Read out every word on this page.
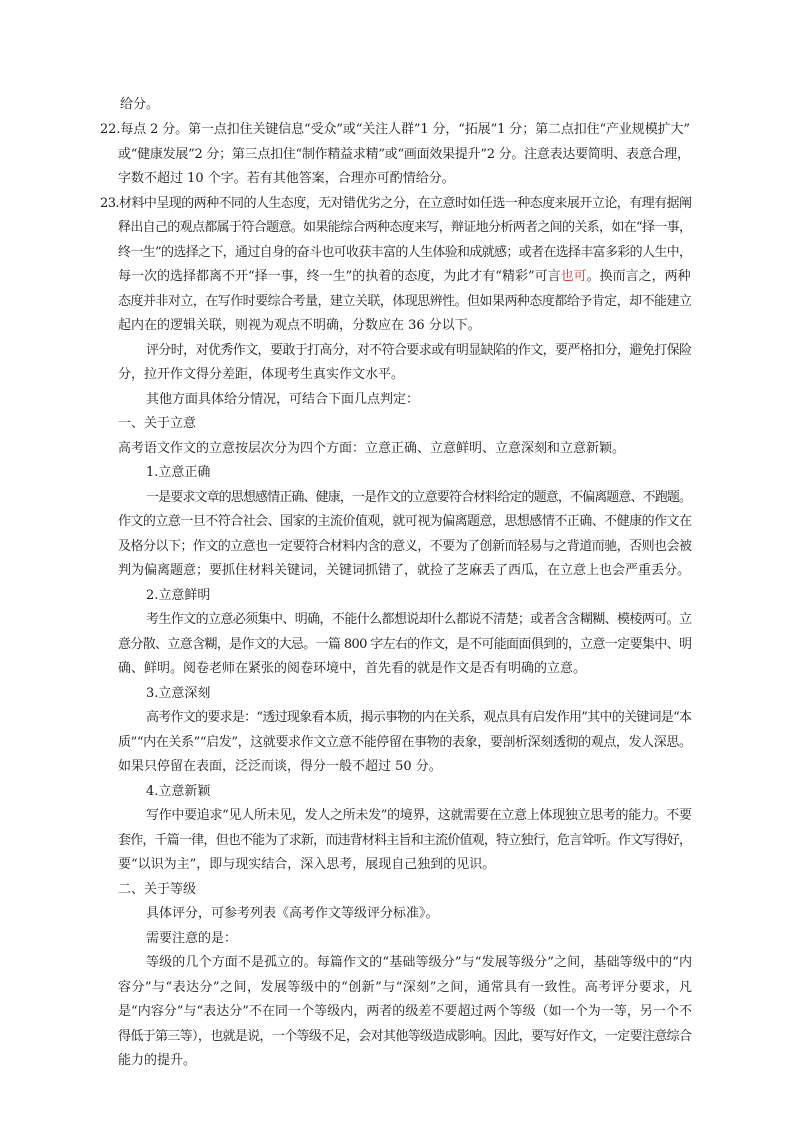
给分。
22.每点 2 分。第一点扣住关键信息“受众”或“关注人群”1 分，“拓展”1 分；第二点扣住“产业规模扩大”
或“健康发展”2 分；第三点扣住“制作精益求精”或“画面效果提升”2 分。注意表达要简明、表意合理，
字数不超过 10 个字。若有其他答案，合理亦可酌情给分。
23.材料中呈现的两种不同的人生态度，无对错优劣之分，在立意时如任选一种态度来展开立论，有理有据阐
释出自己的观点都属于符合题意。如果能综合两种态度来写，辩证地分析两者之间的关系，如在“择一事，
终一生”的选择之下，通过自身的奋斗也可收获丰富的人生体验和成就感；或者在选择丰富多彩的人生中，
每一次的选择都离不开“择一事，终一生”的执着的态度，为此才有“精彩”可言也可。换而言之，两种
态度并非对立，在写作时要综合考量，建立关联，体现思辨性。但如果两种态度都给予肯定，却不能建立
起内在的逻辑关联，则视为观点不明确，分数应在 36 分以下。
评分时，对优秀作文，要敢于打高分，对不符合要求或有明显缺陷的作文，要严格扣分，避免打保险
分，拉开作文得分差距，体现考生真实作文水平。
其他方面具体给分情况，可结合下面几点判定：
一、关于立意
高考语文作文的立意按层次分为四个方面：立意正确、立意鲜明、立意深刻和立意新颖。
1.立意正确
一是要求文章的思想感情正确、健康，一是作文的立意要符合材料给定的题意，不偏离题意、不跑题。
作文的立意一旦不符合社会、国家的主流价值观，就可视为偏离题意，思想感情不正确、不健康的作文在
及格分以下；作文的立意也一定要符合材料内含的意义，不要为了创新而轻易与之背道而驰，否则也会被
判为偏离题意；要抓住材料关键词，关键词抓错了，就捡了芝麻丢了西瓜，在立意上也会严重丢分。
2.立意鲜明
考生作文的立意必须集中、明确，不能什么都想说却什么都说不清楚；或者含含糊糊、模棱两可。立
意分散、立意含糊，是作文的大忌。一篇 800 字左右的作文，是不可能面面俱到的，立意一定要集中、明
确、鲜明。阅卷老师在紧张的阅卷环境中，首先看的就是作文是否有明确的立意。
3.立意深刻
高考作文的要求是：“透过现象看本质，揭示事物的内在关系，观点具有启发作用”其中的关键词是“本
质”“内在关系”“启发”，这就要求作文立意不能停留在事物的表象，要剖析深刻透彻的观点，发人深思。
如果只停留在表面，泛泛而谈，得分一般不超过 50 分。
4.立意新颖
写作中要追求“见人所未见，发人之所未发”的境界，这就需要在立意上体现独立思考的能力。不要
套作，千篇一律，但也不能为了求新，而违背材料主旨和主流价值观，特立独行，危言耸听。作文写得好，
要“以识为主”，即与现实结合，深入思考，展现自己独到的见识。
二、关于等级
具体评分，可参考列表《高考作文等级评分标准》。
需要注意的是：
等级的几个方面不是孤立的。每篇作文的“基础等级分”与“发展等级分”之间，基础等级中的“内
容分”与“表达分”之间，发展等级中的“创新”与“深刻”之间，通常具有一致性。高考评分要求，凡
是“内容分”与“表达分”不在同一个等级内，两者的级差不要超过两个等级（如一个为一等，另一个不
得低于第三等），也就是说，一个等级不足，会对其他等级造成影响。因此，要写好作文，一定要注意综合
能力的提升。
